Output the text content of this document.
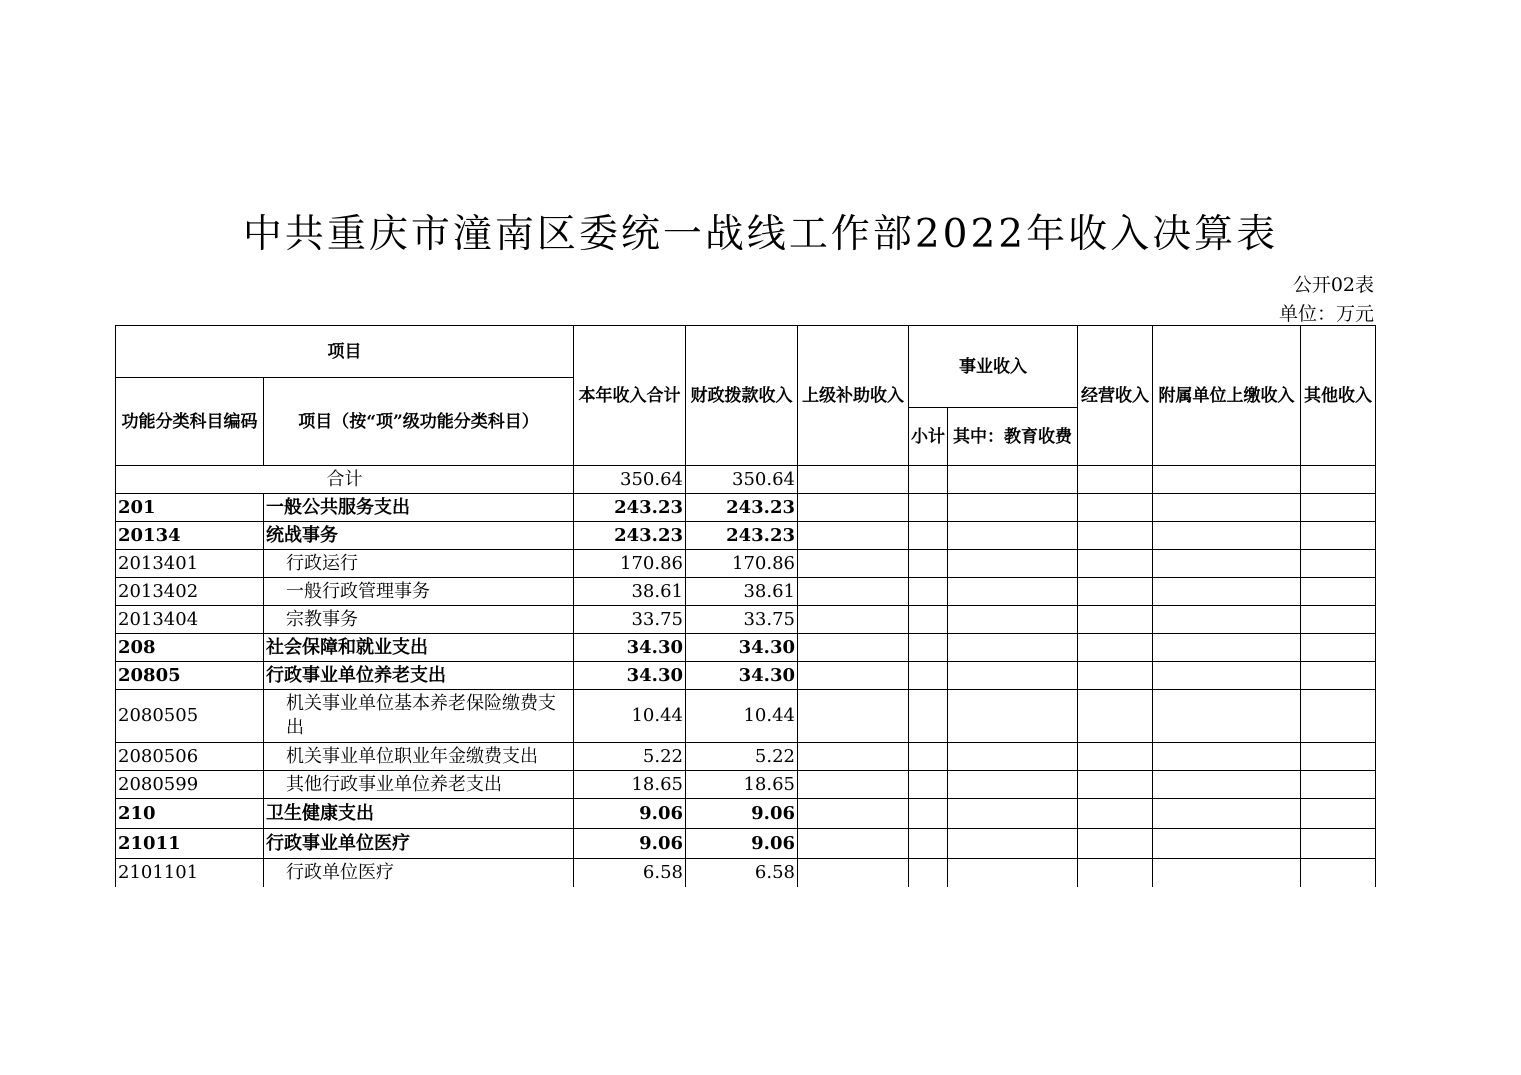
中共重庆市潼南区委统一战线工作部2022年收入决算表
公开02表
单位：万元
项目		本年收入合计	财政拨款收入	上级补助收入	事业收入		经营收入	附属单位上缴收入	其他收入
功能分类科目编码	项目（按“项”级功能分类科目）								
					小计	其中：教育收费			
合计		350.64	350.64						
201	一般公共服务支出	243.23	243.23						
20134	统战事务	243.23	243.23						
2013401	行政运行	170.86	170.86						
2013402	一般行政管理事务	38.61	38.61						
2013404	宗教事务	33.75	33.75						
208	社会保障和就业支出	34.30	34.30						
20805	行政事业单位养老支出	34.30	34.30						
2080505	机关事业单位基本养老保险缴费支出	10.44	10.44						
2080506	机关事业单位职业年金缴费支出	5.22	5.22						
2080599	其他行政事业单位养老支出	18.65	18.65						
210	卫生健康支出	9.06	9.06						
21011	行政事业单位医疗	9.06	9.06						
2101101	行政单位医疗	6.58	6.58						
